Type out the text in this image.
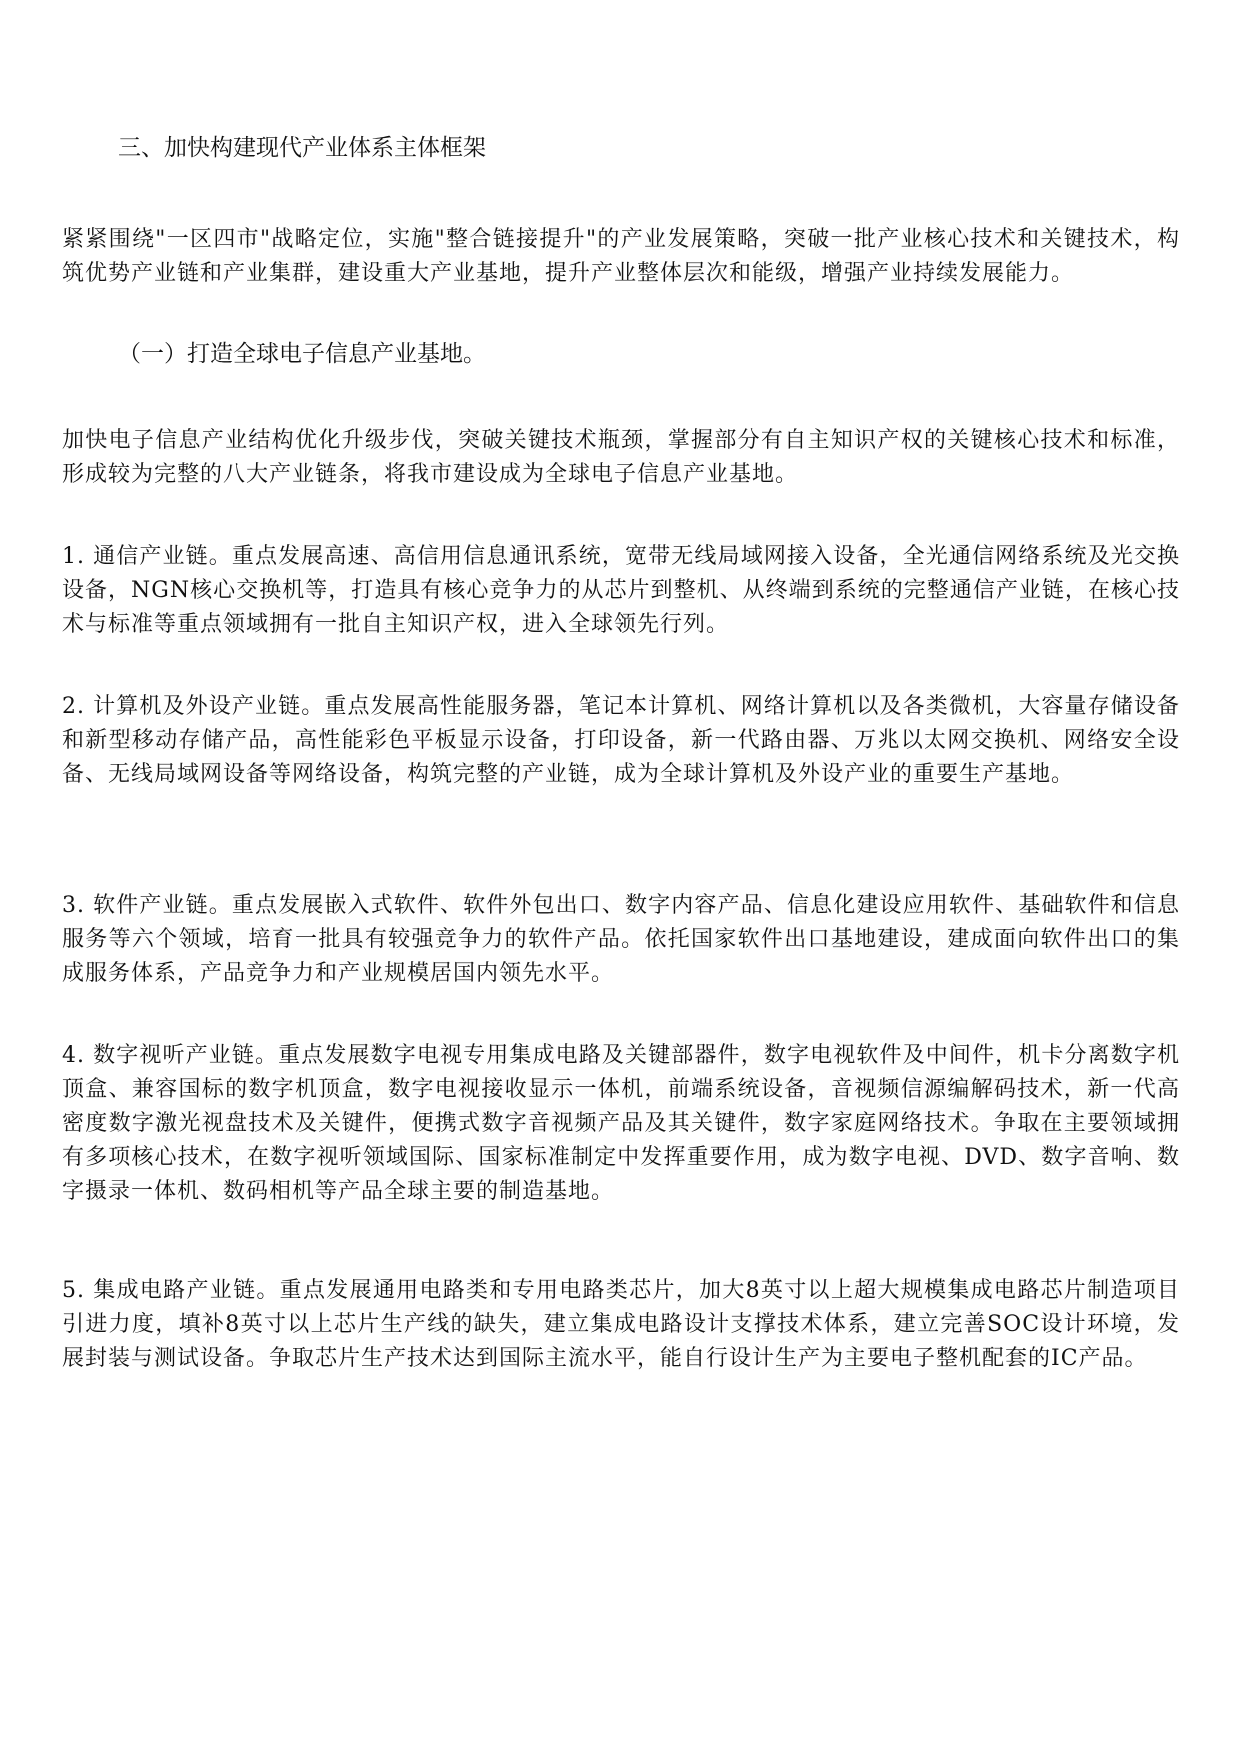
三、加快构建现代产业体系主体框架
紧紧围绕"一区四市"战略定位，实施"整合链接提升"的产业发展策略，突破一批产业核心技术和关键技术，构筑优势产业链和产业集群，建设重大产业基地，提升产业整体层次和能级，增强产业持续发展能力。
（一）打造全球电子信息产业基地。
加快电子信息产业结构优化升级步伐，突破关键技术瓶颈，掌握部分有自主知识产权的关键核心技术和标准，形成较为完整的八大产业链条，将我市建设成为全球电子信息产业基地。
1. 通信产业链。重点发展高速、高信用信息通讯系统，宽带无线局域网接入设备，全光通信网络系统及光交换设备，NGN核心交换机等，打造具有核心竞争力的从芯片到整机、从终端到系统的完整通信产业链，在核心技术与标准等重点领域拥有一批自主知识产权，进入全球领先行列。
2. 计算机及外设产业链。重点发展高性能服务器，笔记本计算机、网络计算机以及各类微机，大容量存储设备和新型移动存储产品，高性能彩色平板显示设备，打印设备，新一代路由器、万兆以太网交换机、网络安全设备、无线局域网设备等网络设备，构筑完整的产业链，成为全球计算机及外设产业的重要生产基地。
3. 软件产业链。重点发展嵌入式软件、软件外包出口、数字内容产品、信息化建设应用软件、基础软件和信息服务等六个领域，培育一批具有较强竞争力的软件产品。依托国家软件出口基地建设，建成面向软件出口的集成服务体系，产品竞争力和产业规模居国内领先水平。
4. 数字视听产业链。重点发展数字电视专用集成电路及关键部器件，数字电视软件及中间件，机卡分离数字机顶盒、兼容国标的数字机顶盒，数字电视接收显示一体机，前端系统设备，音视频信源编解码技术，新一代高密度数字激光视盘技术及关键件，便携式数字音视频产品及其关键件，数字家庭网络技术。争取在主要领域拥有多项核心技术，在数字视听领域国际、国家标准制定中发挥重要作用，成为数字电视、DVD、数字音响、数字摄录一体机、数码相机等产品全球主要的制造基地。
5. 集成电路产业链。重点发展通用电路类和专用电路类芯片，加大8英寸以上超大规模集成电路芯片制造项目引进力度，填补8英寸以上芯片生产线的缺失，建立集成电路设计支撑技术体系，建立完善SOC设计环境，发展封装与测试设备。争取芯片生产技术达到国际主流水平，能自行设计生产为主要电子整机配套的IC产品。
